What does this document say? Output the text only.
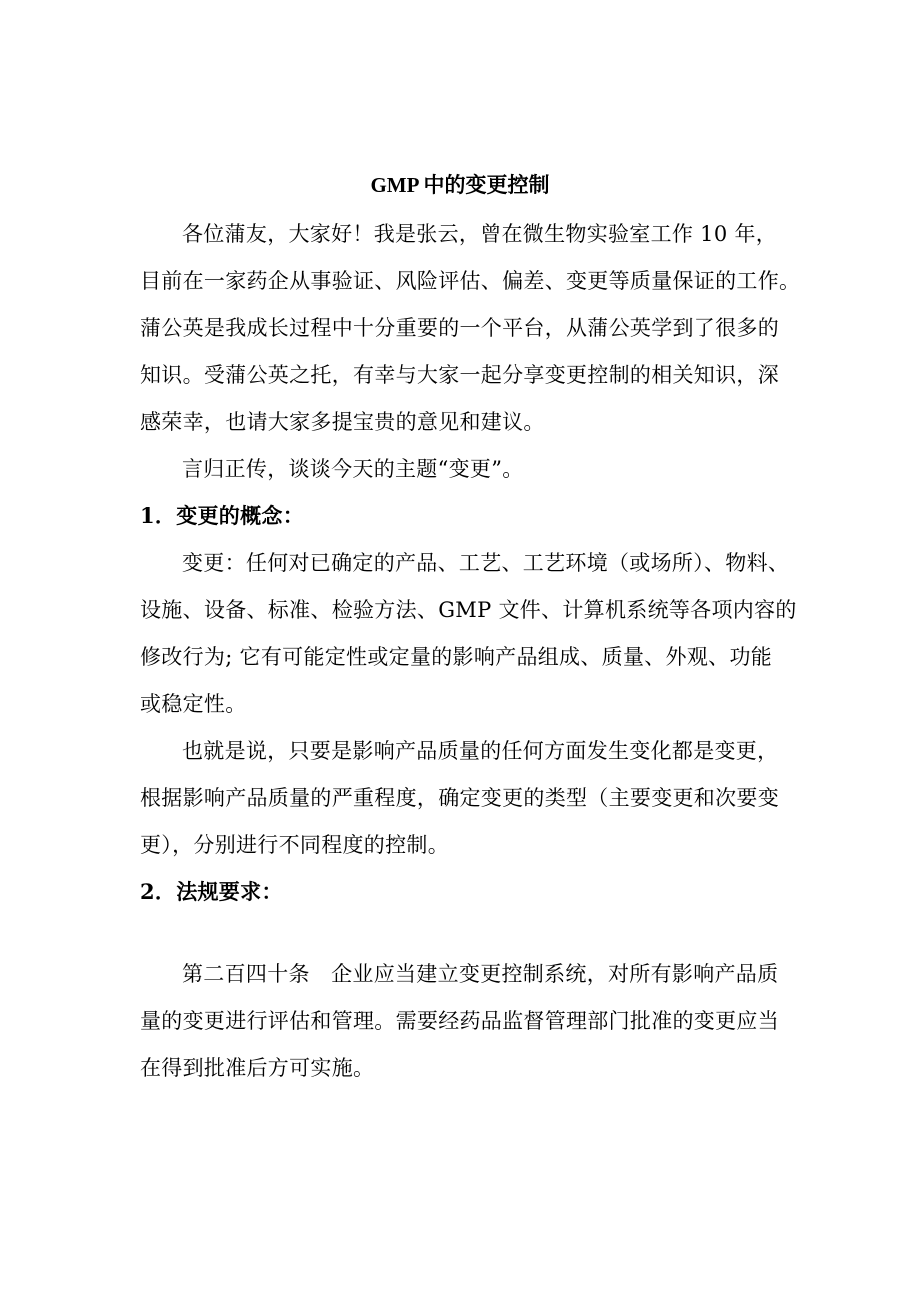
GMP 中的变更控制
各位蒲友，大家好！我是张云，曾在微生物实验室工作 10 年，
目前在一家药企从事验证、风险评估、偏差、变更等质量保证的工作。
蒲公英是我成长过程中十分重要的一个平台，从蒲公英学到了很多的
知识。受蒲公英之托，有幸与大家一起分享变更控制的相关知识，深
感荣幸，也请大家多提宝贵的意见和建议。
言归正传，谈谈今天的主题“变更”。
1．变更的概念：
变更：任何对已确定的产品、工艺、工艺环境（或场所）、物料、
设施、设备、标准、检验方法、GMP 文件、计算机系统等各项内容的
修改行为; 它有可能定性或定量的影响产品组成、质量、外观、功能
或稳定性。
也就是说，只要是影响产品质量的任何方面发生变化都是变更，
根据影响产品质量的严重程度，确定变更的类型（主要变更和次要变
更），分别进行不同程度的控制。
2．法规要求：
第二百四十条　企业应当建立变更控制系统，对所有影响产品质
量的变更进行评估和管理。需要经药品监督管理部门批准的变更应当
在得到批准后方可实施。
